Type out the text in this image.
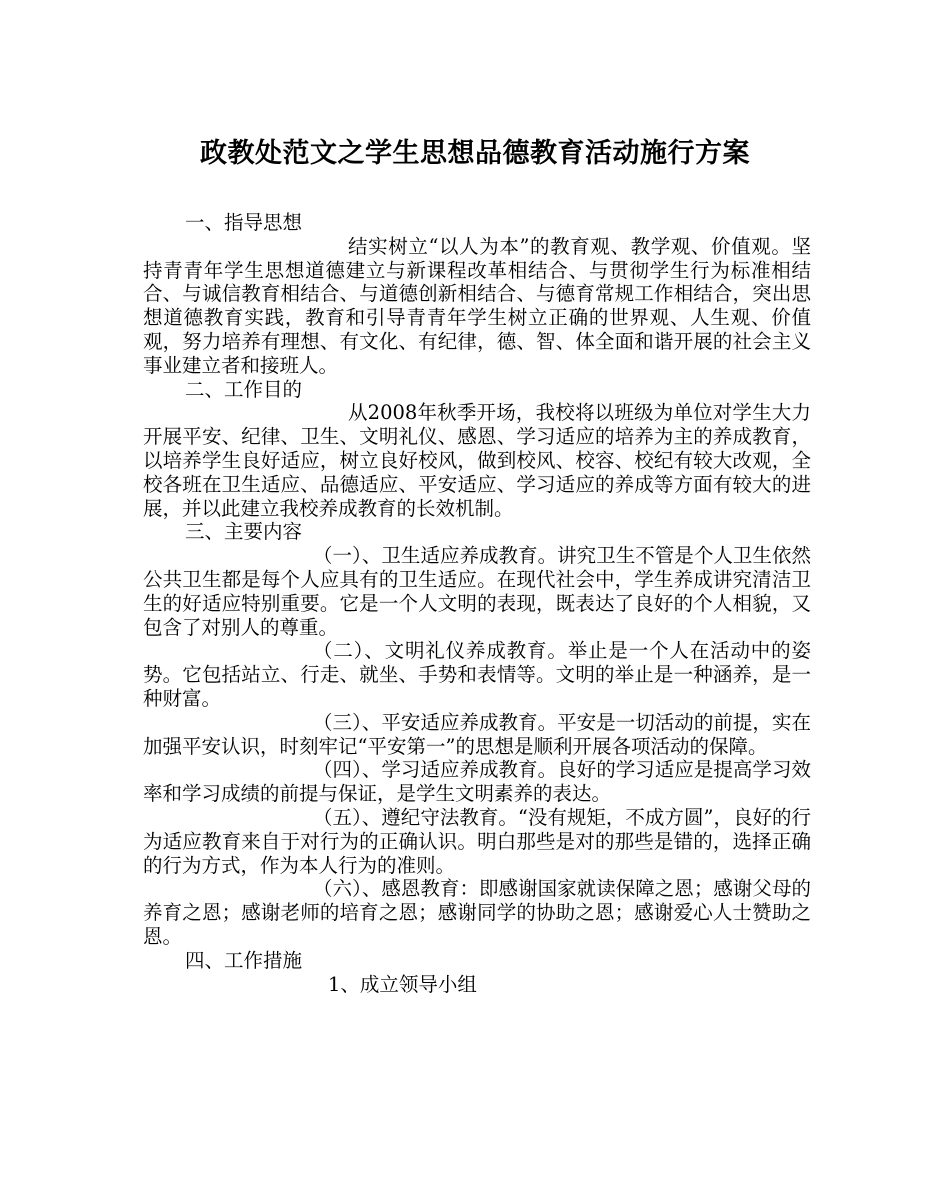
政教处范文之学生思想品德教育活动施行方案

一、指导思想

结实树立“以人为本”的教育观、教学观、价值观。坚持青青年学生思想道德建立与新课程改革相结合、与贯彻学生行为标准相结合、与诚信教育相结合、与道德创新相结合、与德育常规工作相结合，突出思想道德教育实践，教育和引导青青年学生树立正确的世界观、人生观、价值观，努力培养有理想、有文化、有纪律，德、智、体全面和谐开展的社会主义事业建立者和接班人。

二、工作目的

从2008年秋季开场，我校将以班级为单位对学生大力开展平安、纪律、卫生、文明礼仪、感恩、学习适应的培养为主的养成教育，以培养学生良好适应，树立良好校风，做到校风、校容、校纪有较大改观，全校各班在卫生适应、品德适应、平安适应、学习适应的养成等方面有较大的进展，并以此建立我校养成教育的长效机制。

三、主要内容

（一）、卫生适应养成教育。讲究卫生不管是个人卫生依然公共卫生都是每个人应具有的卫生适应。在现代社会中，学生养成讲究清洁卫生的好适应特别重要。它是一个人文明的表现，既表达了良好的个人相貌，又包含了对别人的尊重。

（二）、文明礼仪养成教育。举止是一个人在活动中的姿势。它包括站立、行走、就坐、手势和表情等。文明的举止是一种涵养，是一种财富。

（三）、平安适应养成教育。平安是一切活动的前提，实在加强平安认识，时刻牢记“平安第一”的思想是顺利开展各项活动的保障。

（四）、学习适应养成教育。良好的学习适应是提高学习效率和学习成绩的前提与保证，是学生文明素养的表达。

（五）、遵纪守法教育。“没有规矩，不成方圆”，良好的行为适应教育来自于对行为的正确认识。明白那些是对的那些是错的，选择正确的行为方式，作为本人行为的准则。

（六）、感恩教育：即感谢国家就读保障之恩；感谢父母的养育之恩；感谢老师的培育之恩；感谢同学的协助之恩；感谢爱心人士赞助之恩。

四、工作措施

1、成立领导小组
